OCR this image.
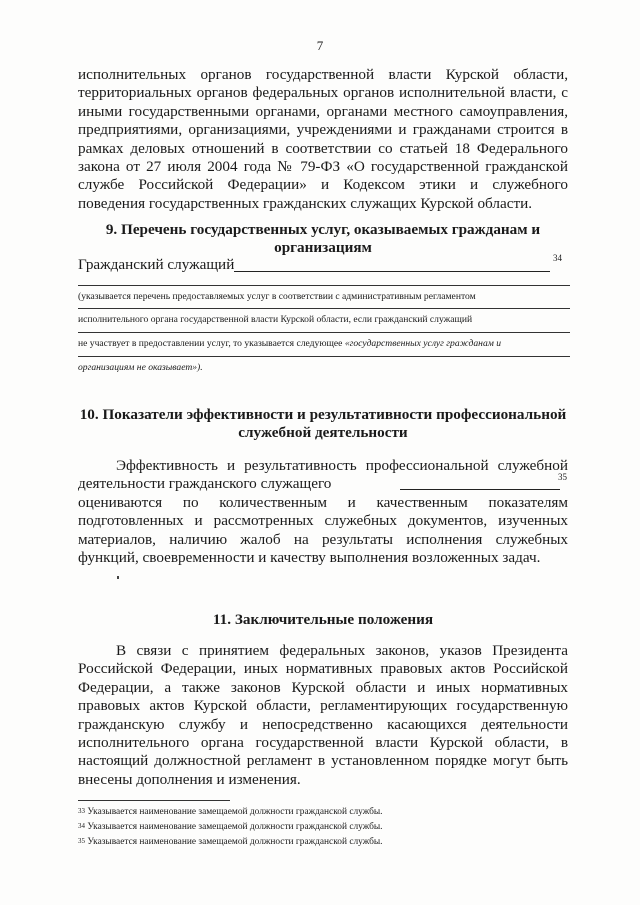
7
исполнительных органов государственной власти Курской области,
территориальных органов федеральных органов исполнительной власти, с
иными государственными органами, органами местного самоуправления,
предприятиями, организациями, учреждениями и гражданами строится в
рамках деловых отношений в соответствии со статьей 18 Федерального
закона от 27 июля 2004 года № 79-ФЗ «О государственной гражданской
службе Российской Федерации» и Кодексом этики и служебного
поведения государственных гражданских служащих Курской области.
9. Перечень государственных услуг, оказываемых гражданам и
организациям
Гражданский служащий	34
(указывается перечень предоставляемых услуг в соответствии с административным регламентом
исполнительного органа государственной власти Курской области, если гражданский служащий
не участвует в предоставлении услуг, то указывается следующее «государственных услуг гражданам и
организациям не оказывает»).
10. Показатели эффективности и результативности профессиональной
служебной деятельности
Эффективность и результативность профессиональной служебной
деятельности гражданского служащего
оцениваются по количественным и качественным показателям
подготовленных и рассмотренных служебных документов, изученных
материалов, наличию жалоб на результаты исполнения служебных
функций, своевременности и качеству выполнения возложенных задач.
35
11. Заключительные положения
В связи с принятием федеральных законов, указов Президента
Российской Федерации, иных нормативных правовых актов Российской
Федерации, а также законов Курской области и иных нормативных
правовых актов Курской области, регламентирующих государственную
гражданскую службу и непосредственно касающихся деятельности
исполнительного органа государственной власти Курской области, в
настоящий должностной регламент в установленном порядке могут быть
внесены дополнения и изменения.
$^{33}$ Указывается наименование замещаемой должности гражданской службы.
$^{34}$ Указывается наименование замещаемой должности гражданской службы.
$^{35}$ Указывается наименование замещаемой должности гражданской службы.
